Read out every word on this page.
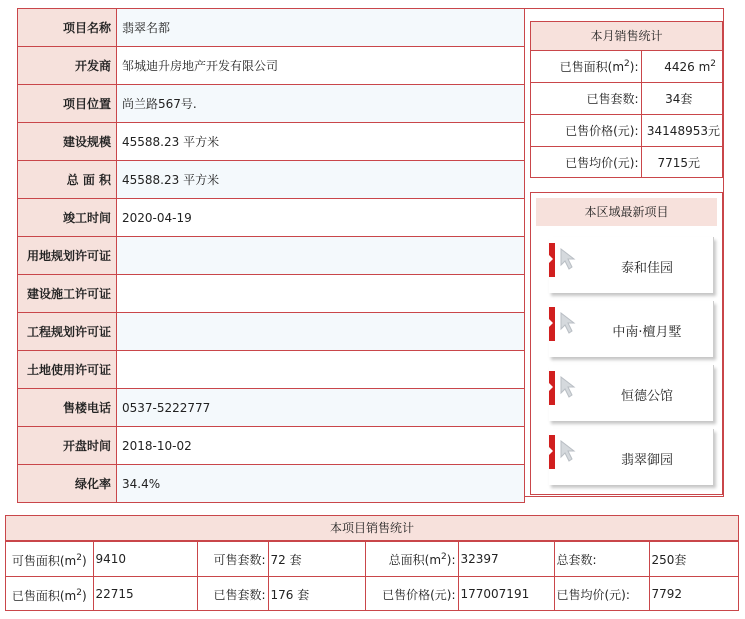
项目名称	翡翠名都
开发商	邹城迪升房地产开发有限公司
项目位置	尚兰路567号.
建设规模	45588.23 平方米
总 面 积	45588.23 平方米
竣工时间	2020-04-19
用地规划许可证	
建设施工许可证	
工程规划许可证	
土地使用许可证	
售楼电话	0537-5222777
开盘时间	2018-10-02
绿化率	34.4%
本月销售统计
已售面积$(m^2)$:	4426 $m^2$
已售套数:	34套
已售价格(元):	34148953元
已售均价(元):	7715元
本区域最新项目
泰和佳园
中南·檀月墅
恒德公馆
翡翠御园
本项目销售统计
可售面积$(m^2)$	9410	可售套数:	72 套	总面积$(m^2)$:	32397	总套数:	250套
已售面积$(m^2)$	22715	已售套数:	176 套	已售价格(元):	177007191	已售均价(元):	7792
